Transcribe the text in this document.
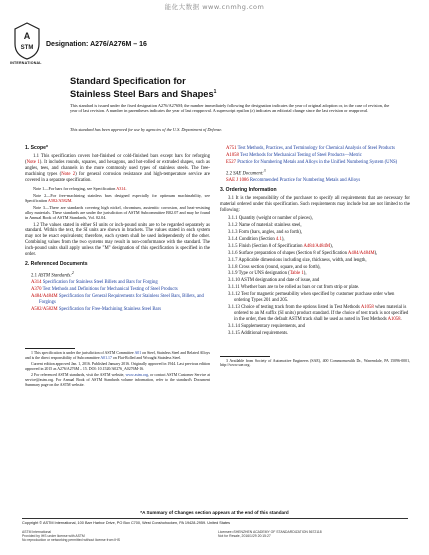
能化大数据 www.cnmhg.com
A
STM
INTERNATIONAL
Designation: A276/A276M – 16
Standard Specification for
Stainless Steel Bars and Shapes$^1$
This standard is issued under the fixed designation A276/A276M; the number immediately following the designation indicates the year of original adoption or, in the case of revision, the year of last revision. A number in parentheses indicates the year of last reapproval. A superscript epsilon (ε) indicates an editorial change since the last revision or reapproval.
This standard has been approved for use by agencies of the U.S. Department of Defense.
1. Scope*

1.1 This specification covers hot-finished or cold-finished bars except bars for reforging (Note 1). It includes rounds, squares, and hexagons, and hot-rolled or extruded shapes, such as angles, tees, and channels in the more commonly used types of stainless steels. The free-machining types (Note 2) for general corrosion resistance and high-temperature service are covered in a separate specification.

Note 1—For bars for reforging, see Specification A314.
Note 2—For free-machining stainless bars designed especially for optimum machinability, see Specification A582/A582M.
Note 3—There are standards covering high nickel, chromium, austenitic corrosion, and heat-resisting alloy materials. These standards are under the jurisdiction of ASTM Subcommittee B02.07 and may be found in Annual Book of ASTM Standards, Vol. 02.04.

1.2 The values stated in either SI units or inch-pound units are to be regarded separately as standard. Within the text, the SI units are shown in brackets. The values stated in each system may not be exact equivalents; therefore, each system shall be used independently of the other. Combining values from the two systems may result in non-conformance with the standard. The inch-pound units shall apply unless the "M" designation of this specification is specified in the order.

2. Referenced Documents
2.1 ASTM Standards:$^2$
A314 Specification for Stainless Steel Billets and Bars for Forging
A370 Test Methods and Definitions for Mechanical Testing of Steel Products
A484/A484M Specification for General Requirements for Stainless Steel Bars, Billets, and Forgings
A582/A582M Specification for Free-Machining Stainless Steel Bars
1 This specification is under the jurisdiction of ASTM Committee A01 on Steel, Stainless Steel and Related Alloys and is the direct responsibility of Subcommittee A01.17 on Flat-Rolled and Wrought Stainless Steel.
Current edition approved Jan. 1, 2016. Published January 2016. Originally approved in 1944. Last previous edition approved in 2015 as A276/A276M – 15. DOI: 10.1520/A0276_A0276M-16.
2 For referenced ASTM standards, visit the ASTM website, www.astm.org, or contact ASTM Customer Service at service@astm.org. For Annual Book of ASTM Standards volume information, refer to the standard's Document Summary page on the ASTM website.
A751 Test Methods, Practices, and Terminology for Chemical Analysis of Steel Products
A1058 Test Methods for Mechanical Testing of Steel Products—Metric
E527 Practice for Numbering Metals and Alloys in the Unified Numbering System (UNS)
2.2 SAE Document:$^3$
SAE J 1086 Recommended Practice for Numbering Metals and Alloys
3. Ordering Information

3.1 It is the responsibility of the purchaser to specify all requirements that are necessary for material ordered under this specification. Such requirements may include but are not limited to the following:

3.1.1 Quantity (weight or number of pieces),
3.1.2 Name of material: stainless steel,
3.1.3 Form (bars, angles, and so forth),
3.1.4 Condition (Section 4.1),
3.1.5 Finish (Section 8 of Specification A484/A484M),
3.1.6 Surface preparation of shapes (Section 8 of Specification A484/A484M),
3.1.7 Applicable dimensions including size, thickness, width, and length,
3.1.8 Cross section (round, square, and so forth),
3.1.9 Type or UNS designation (Table 1),
3.1.10 ASTM designation and date of issue, and
3.1.11 Whether bars are to be rolled as bars or cut from strip or plate.
3.1.12 Test for magnetic permeability when specified by customer purchase order when ordering Types 201 and 205.
3.1.13 Choice of testing track from the options listed in Test Methods A1058 when material is ordered to an M suffix (SI units) product standard. If the choice of test track is not specified in the order, then the default ASTM track shall be used as noted in Test Methods A1058.
3.1.14 Supplementary requirements, and
3.1.15 Additional requirements.
3 Available from Society of Automotive Engineers (SAE), 400 Commonwealth Dr., Warrendale, PA 15096-0001, http://www.sae.org.
*A Summary of Changes section appears at the end of this standard
Copyright © ASTM International, 100 Barr Harbor Drive, PO Box C700, West Conshohocken, PA 19428-2959. United States
ASTM International
Provided by IHS under license with ASTM
No reproduction or networking permitted without license from IHS
Licensee=SHENZHEN ACADEMY OF STANDARDIZATION 5672118
Not for Resale, 2016/1/29 20:15:27
